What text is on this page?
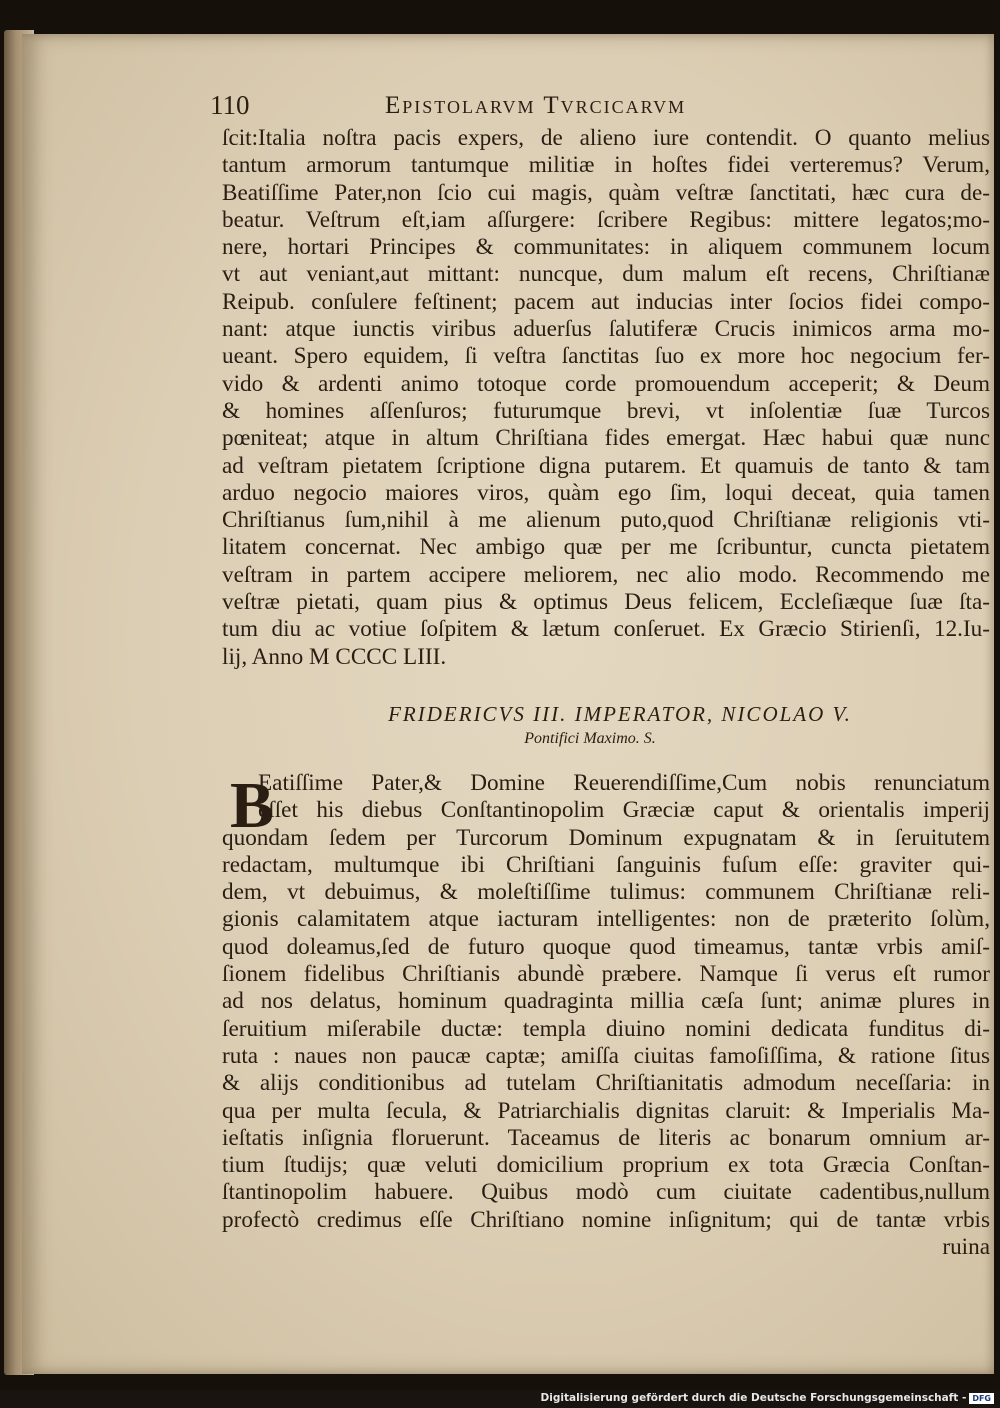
110	Epistolarvm Tvrcicarvm
ſcit:Italia noſtra pacis expers, de alieno iure contendit. O quanto melius
tantum armorum tantumque militiæ in hoſtes fidei verteremus? Verum,
Beatiſſime Pater,non ſcio cui magis, quàm veſtræ ſanctitati, hæc cura de-
beatur. Veſtrum eſt,iam aſſurgere: ſcribere Regibus: mittere legatos;mo-
nere, hortari Principes & communitates: in aliquem communem locum
vt aut veniant,aut mittant: nuncque, dum malum eſt recens, Chriſtianæ
Reipub. conſulere feſtinent; pacem aut inducias inter ſocios fidei compo-
nant: atque iunctis viribus aduerſus ſalutiferæ Crucis inimicos arma mo-
ueant. Spero equidem, ſi veſtra ſanctitas ſuo ex more hoc negocium fer-
vido & ardenti animo totoque corde promouendum acceperit; & Deum
& homines aſſenſuros; futurumque brevi, vt inſolentiæ ſuæ Turcos
pœniteat; atque in altum Chriſtiana fides emergat. Hæc habui quæ nunc
ad veſtram pietatem ſcriptione digna putarem. Et quamuis de tanto & tam
arduo negocio maiores viros, quàm ego ſim, loqui deceat, quia tamen
Chriſtianus ſum,nihil à me alienum puto,quod Chriſtianæ religionis vti-
litatem concernat. Nec ambigo quæ per me ſcribuntur, cuncta pietatem
veſtram in partem accipere meliorem, nec alio modo. Recommendo me
veſtræ pietati, quam pius & optimus Deus felicem, Eccleſiæque ſuæ ſta-
tum diu ac votiue ſoſpitem & lætum conſeruet. Ex Græcio Stirienſi, 12.Iu-
lij, Anno M CCCC LIII.
FRIDERICVS III. IMPERATOR, NICOLAO V.
Pontifici Maximo. S.
B
Eatiſſime Pater,& Domine Reuerendiſſime,Cum nobis renunciatum
eſſet his diebus Conſtantinopolim Græciæ caput & orientalis imperij
quondam ſedem per Turcorum Dominum expugnatam & in ſeruitutem
redactam, multumque ibi Chriſtiani ſanguinis fuſum eſſe: graviter qui-
dem, vt debuimus, & moleſtiſſime tulimus: communem Chriſtianæ reli-
gionis calamitatem atque iacturam intelligentes: non de præterito ſolùm,
quod doleamus,ſed de futuro quoque quod timeamus, tantæ vrbis amiſ-
ſionem fidelibus Chriſtianis abundè præbere. Namque ſi verus eſt rumor
ad nos delatus, hominum quadraginta millia cæſa ſunt; animæ plures in
ſeruitium miſerabile ductæ: templa diuino nomini dedicata funditus di-
ruta : naues non paucæ captæ; amiſſa ciuitas famoſiſſima, & ratione ſitus
& alijs conditionibus ad tutelam Chriſtianitatis admodum neceſſaria: in
qua per multa ſecula, & Patriarchialis dignitas claruit: & Imperialis Ma-
ieſtatis inſignia floruerunt. Taceamus de literis ac bonarum omnium ar-
tium ſtudijs; quæ veluti domicilium proprium ex tota Græcia Conſtan-
ſtantinopolim habuere. Quibus modò cum ciuitate cadentibus,nullum
profectò credimus eſſe Chriſtiano nomine inſignitum; qui de tantæ vrbis
ruina
Digitalisierung gefördert durch die Deutsche Forschungsgemeinschaft - DFG
